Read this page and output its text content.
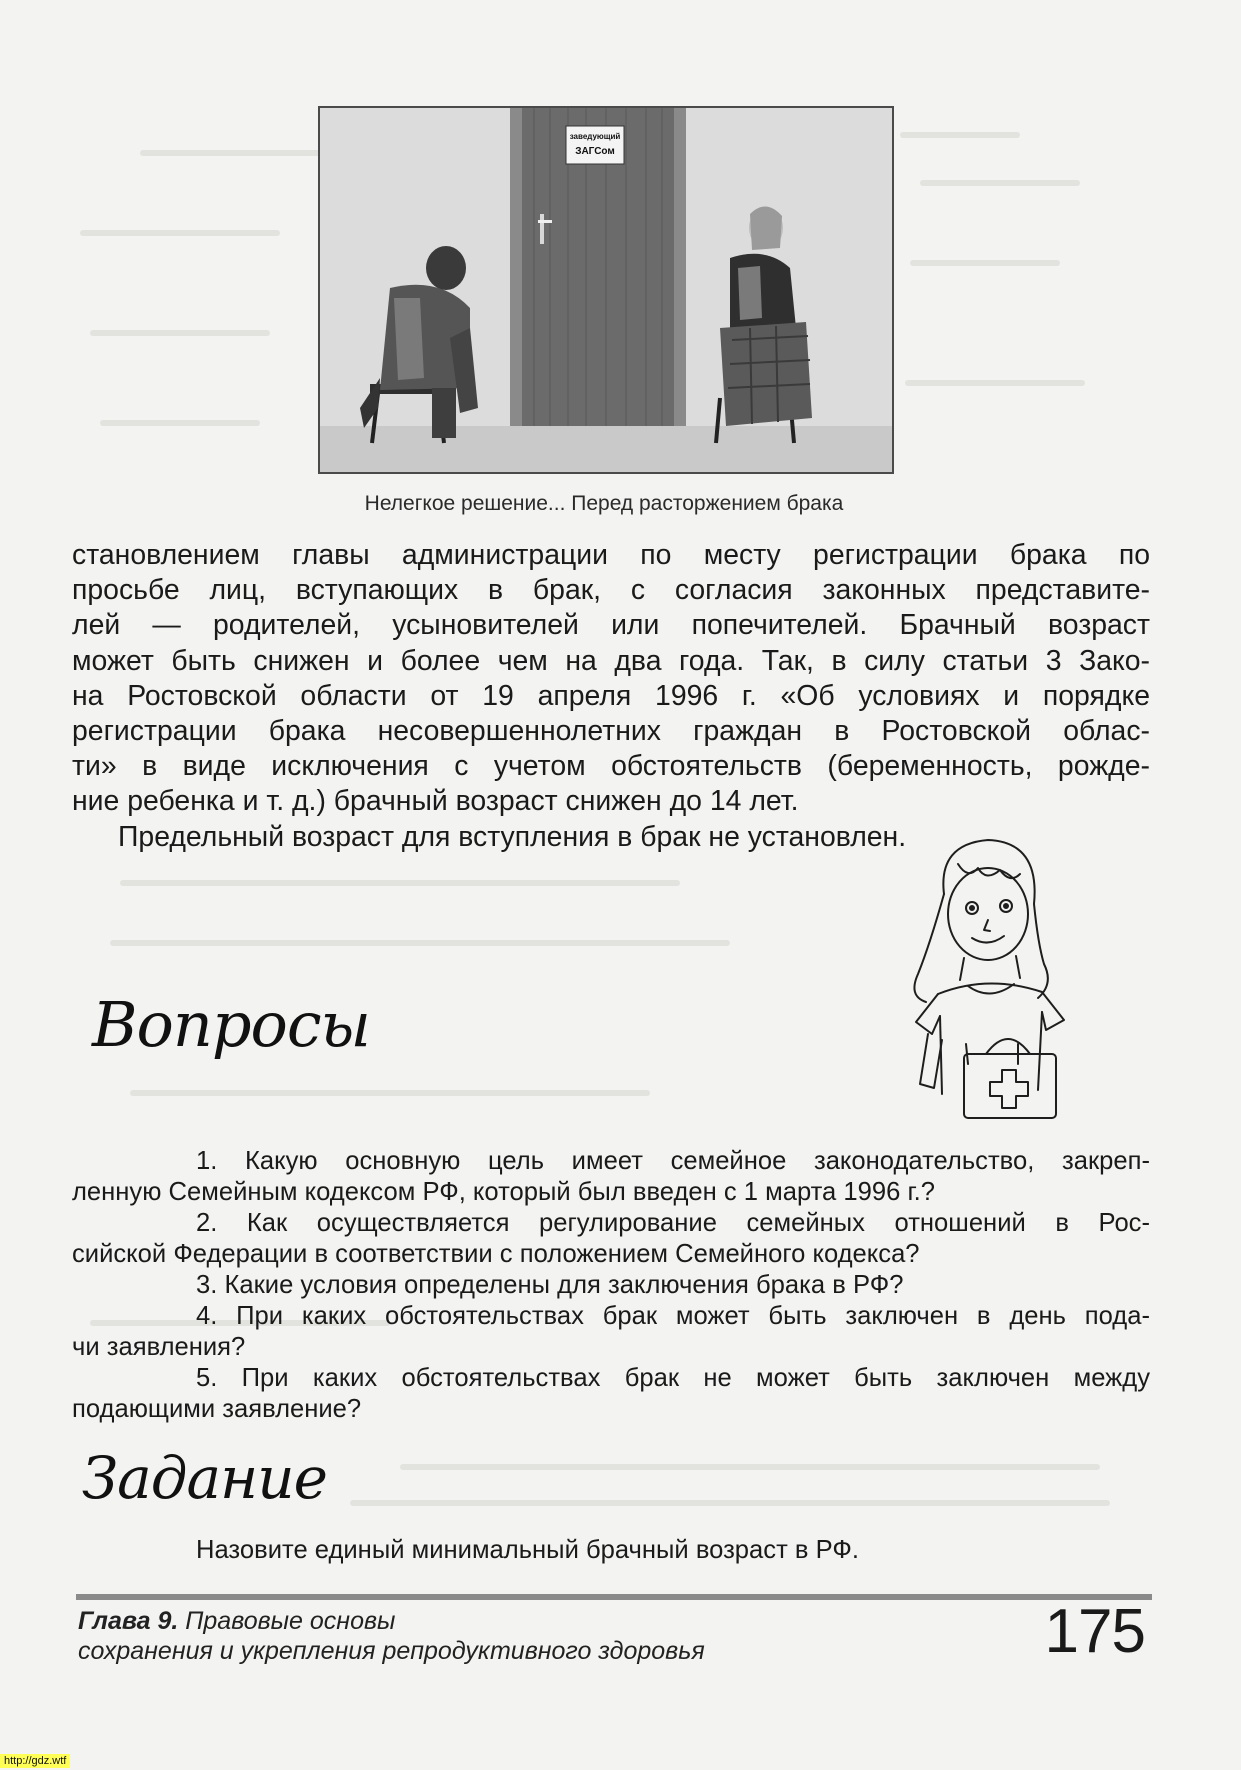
заведующий
ЗАГСом
Нелегкое решение... Перед расторжением брака

становлением главы администрации по месту регистрации брака по

просьбе лиц, вступающих в брак, с согласия законных представите-

лей — родителей, усыновителей или попечителей. Брачный возраст

может быть снижен и более чем на два года. Так, в силу статьи 3 Зако-

на Ростовской области от 19 апреля 1996 г. «Об условиях и порядке

регистрации брака несовершеннолетних граждан в Ростовской облас-

ти» в виде исключения с учетом обстоятельств (беременность, рожде-

ние ребенка и т. д.) брачный возраст снижен до 14 лет.

Предельный возраст для вступления в брак не установлен.

Вопросы

1. Какую основную цель имеет семейное законодательство, закреп-

ленную Семейным кодексом РФ, который был введен с 1 марта 1996 г.?

2. Как осуществляется регулирование семейных отношений в Рос-

сийской Федерации в соответствии с положением Семейного кодекса?

3. Какие условия определены для заключения брака в РФ?

4. При каких обстоятельствах брак может быть заключен в день пода-

чи заявления?

5. При каких обстоятельствах брак не может быть заключен между

подающими заявление?

Задание
Назовите единый минимальный брачный возраст в РФ.
Глава 9. Правовые основы
сохранения и укрепления репродуктивного здоровья	175
http://gdz.wtf
